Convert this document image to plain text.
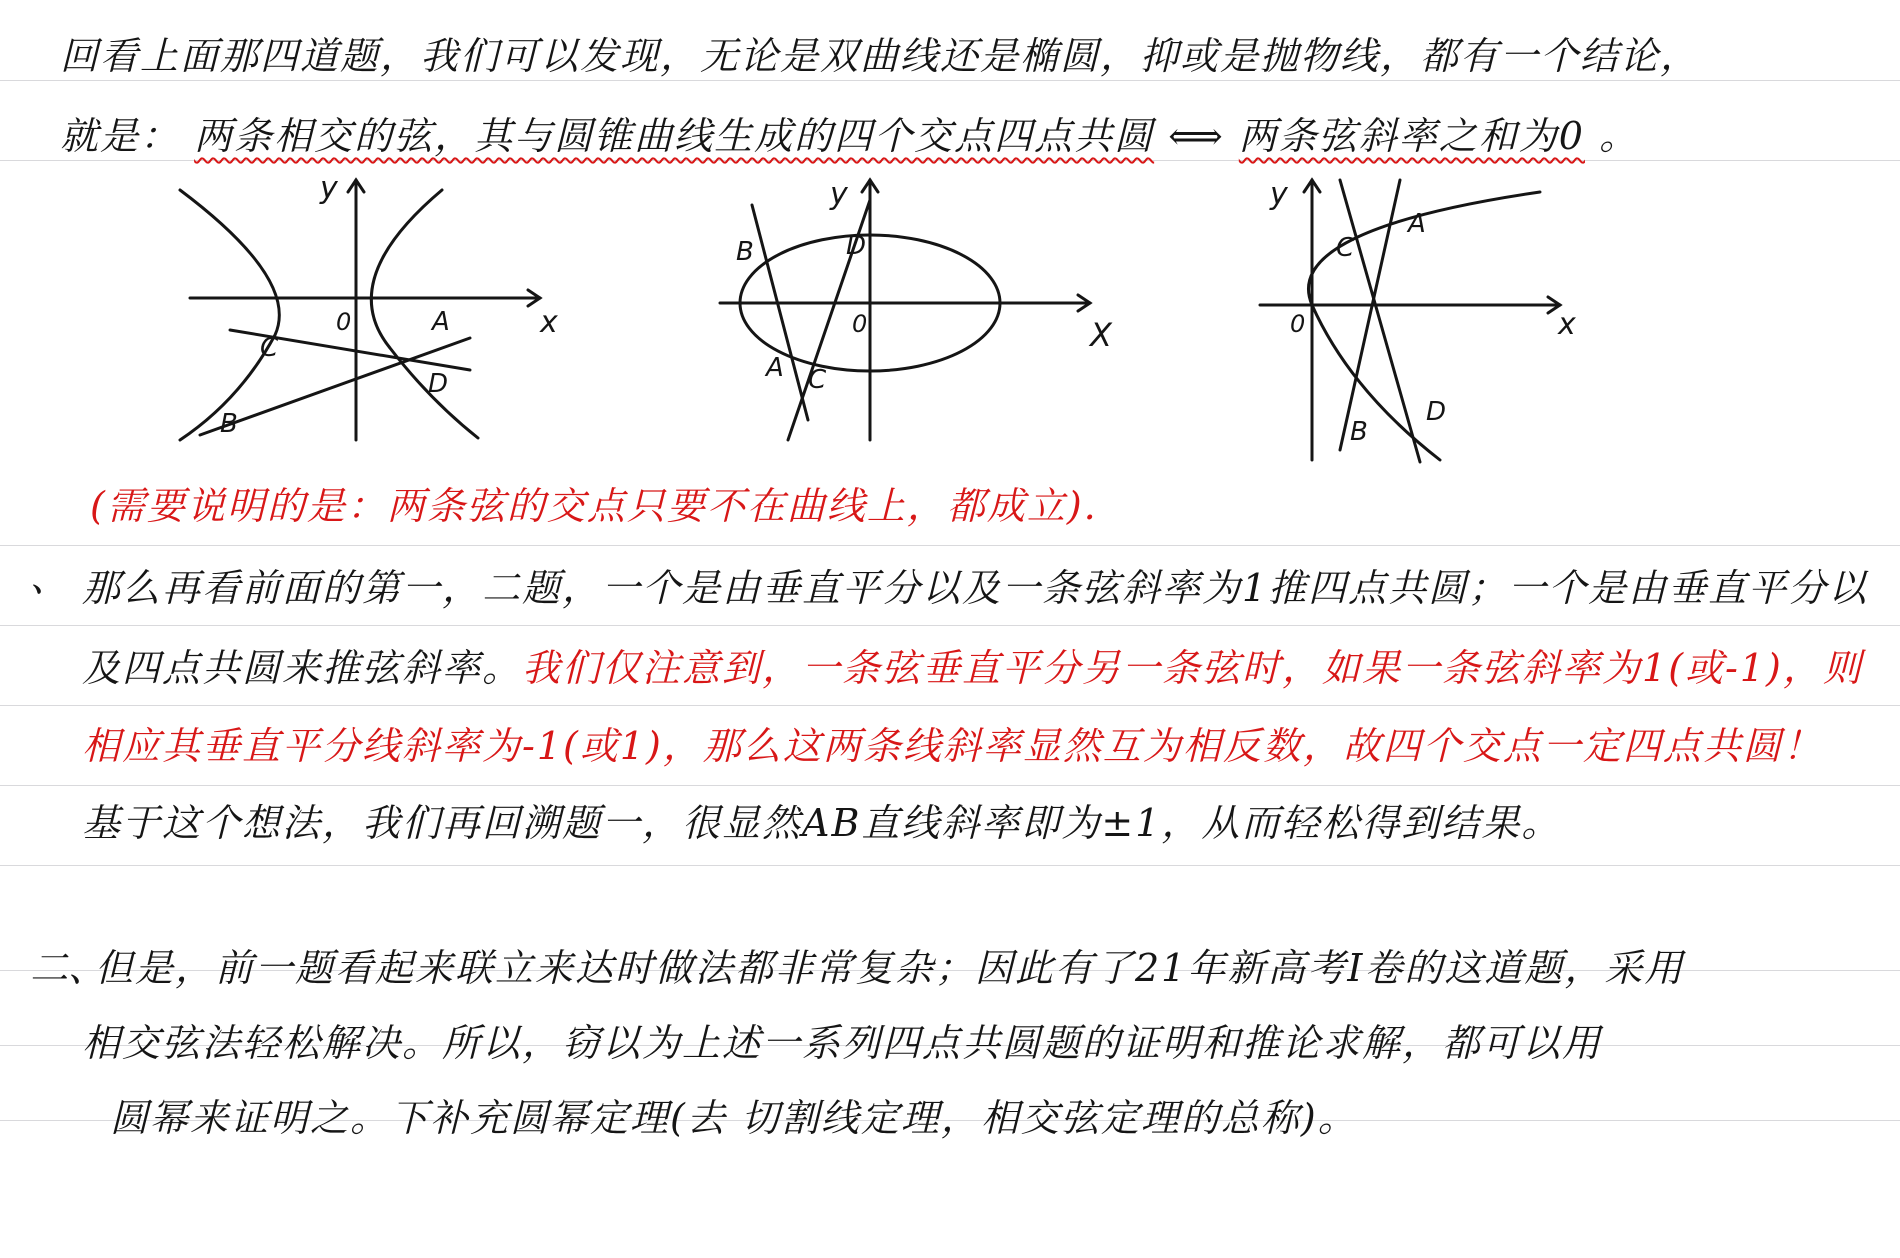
回看上面那四道题，我们可以发现，无论是双曲线还是椭圆，抑或是抛物线，都有一个结论，
就是： 两条相交的弦，其与圆锥曲线生成的四个交点四点共圆 ⟺ 两条弦斜率之和为0 。
x
y
0	A
B
C
D
X
y
0
A
B
C
D
x
y
0
A
B
C
D
(需要说明的是：两条弦的交点只要不在曲线上，都成立).
、 那么再看前面的第一，二题，一个是由垂直平分以及一条弦斜率为1推四点共圆；一个是由垂直平分以
及四点共圆来推弦斜率。我们仅注意到，一条弦垂直平分另一条弦时，如果一条弦斜率为1(或-1)，则
相应其垂直平分线斜率为-1(或1)，那么这两条线斜率显然互为相反数，故四个交点一定四点共圆！
基于这个想法，我们再回溯题一，很显然AB直线斜率即为±1，从而轻松得到结果。
二、
但是，前一题看起来联立来达时做法都非常复杂；因此有了21年新高考I卷的这道题，采用
相交弦法轻松解决。所以，窃以为上述一系列四点共圆题的证明和推论求解，都可以用
圆幂来证明之。下补充圆幂定理(去 切割线定理，相交弦定理的总称)。
